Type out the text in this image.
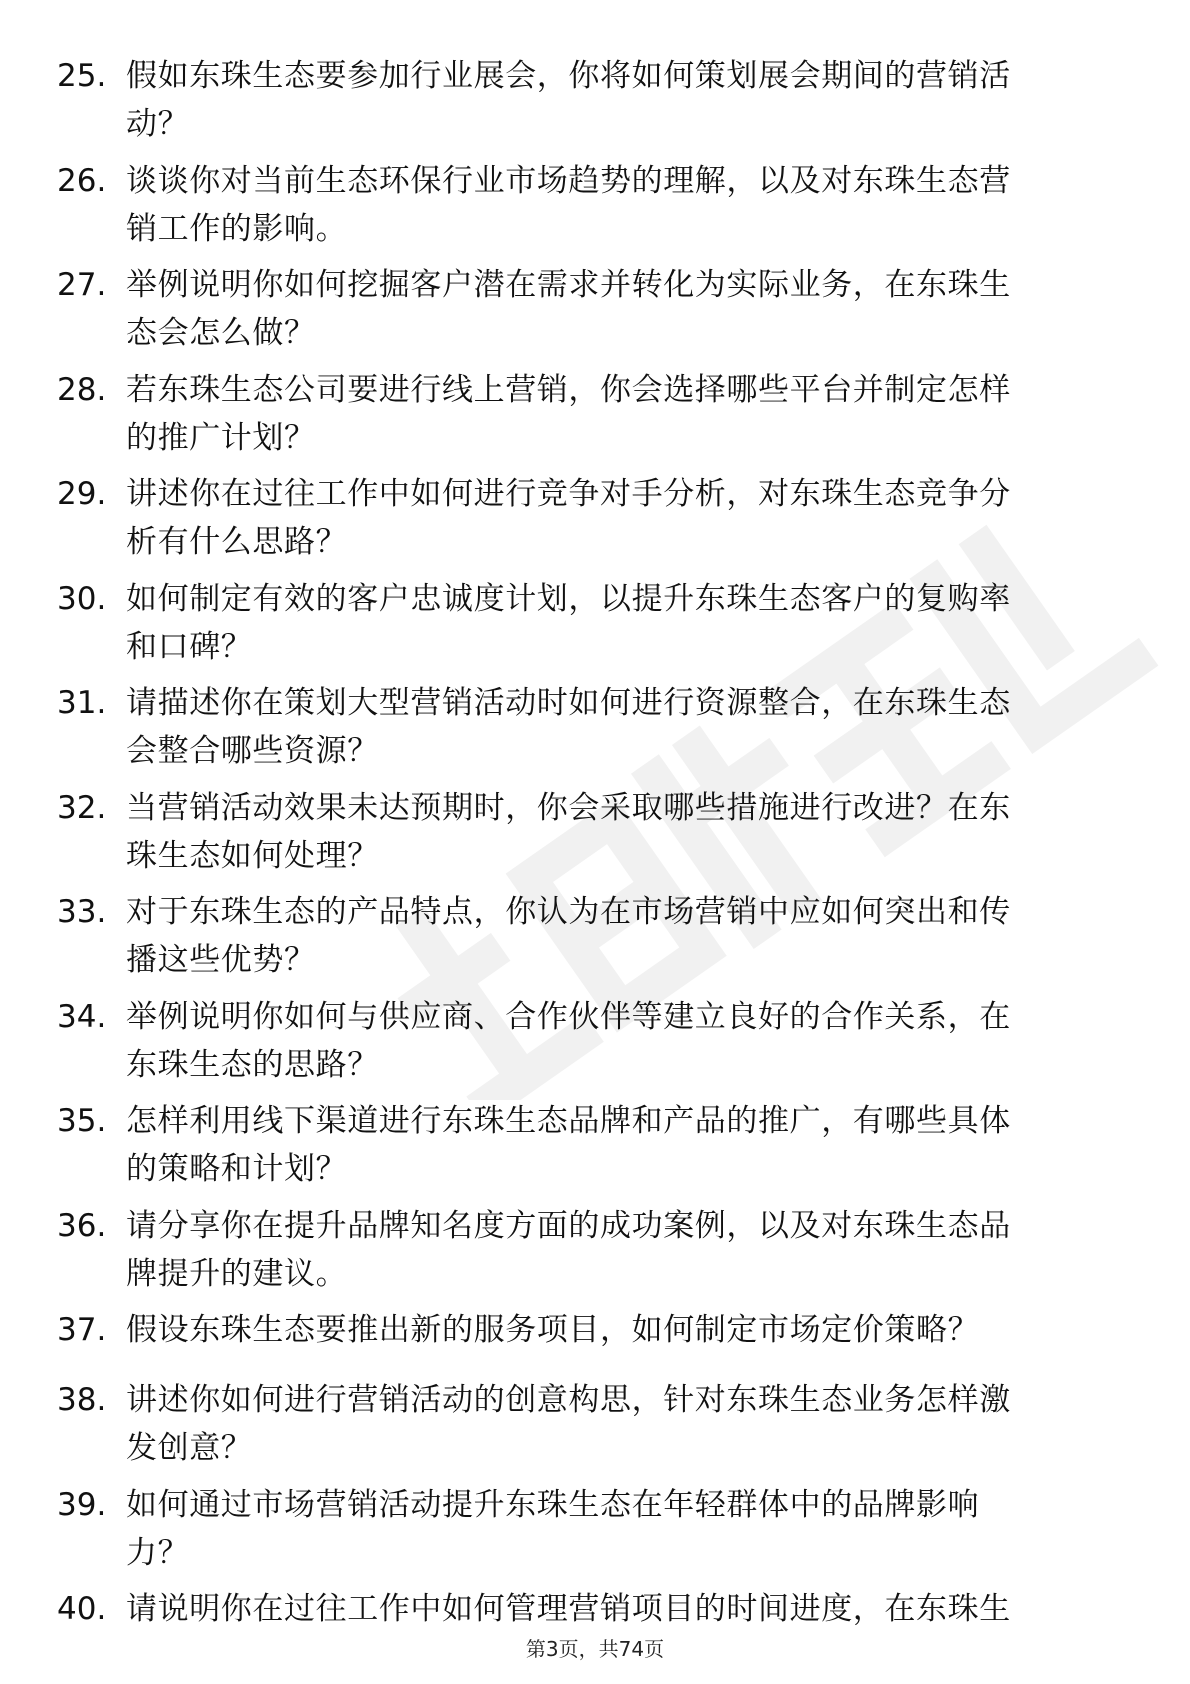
25. 假如东珠生态要参加行业展会，你将如何策划展会期间的营销活
动？
26. 谈谈你对当前生态环保行业市场趋势的理解，以及对东珠生态营
销工作的影响。
27. 举例说明你如何挖掘客户潜在需求并转化为实际业务，在东珠生
态会怎么做？
28. 若东珠生态公司要进行线上营销，你会选择哪些平台并制定怎样
的推广计划？
29. 讲述你在过往工作中如何进行竞争对手分析，对东珠生态竞争分
析有什么思路？
30. 如何制定有效的客户忠诚度计划，以提升东珠生态客户的复购率
和口碑？
31. 请描述你在策划大型营销活动时如何进行资源整合，在东珠生态
会整合哪些资源？
32. 当营销活动效果未达预期时，你会采取哪些措施进行改进？在东
珠生态如何处理？
33. 对于东珠生态的产品特点，你认为在市场营销中应如何突出和传
播这些优势？
34. 举例说明你如何与供应商、合作伙伴等建立良好的合作关系，在
东珠生态的思路？
35. 怎样利用线下渠道进行东珠生态品牌和产品的推广，有哪些具体
的策略和计划？
36. 请分享你在提升品牌知名度方面的成功案例，以及对东珠生态品
牌提升的建议。
37. 假设东珠生态要推出新的服务项目，如何制定市场定价策略？
38. 讲述你如何进行营销活动的创意构思，针对东珠生态业务怎样激
发创意？
39. 如何通过市场营销活动提升东珠生态在年轻群体中的品牌影响
力？
40. 请说明你在过往工作中如何管理营销项目的时间进度，在东珠生
第3页，共74页
